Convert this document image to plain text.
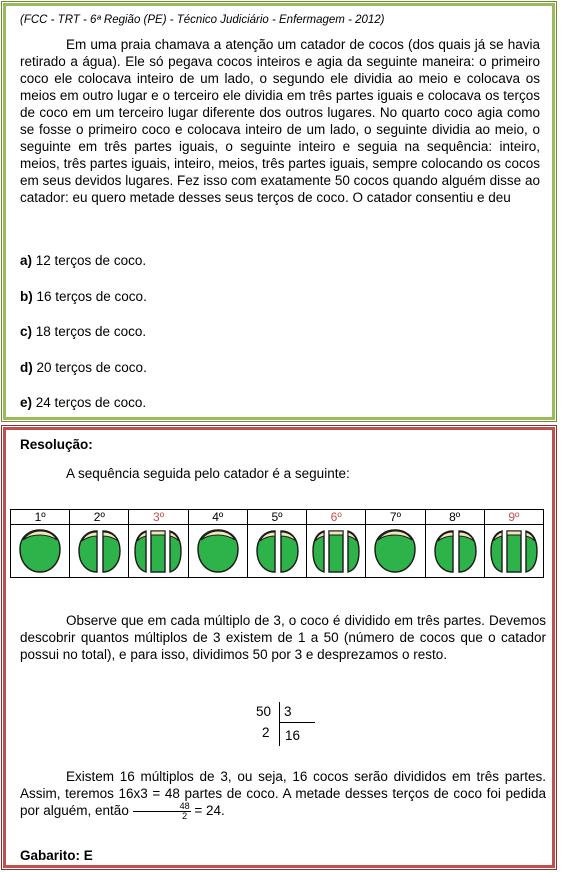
(FCC - TRT - 6ª Região (PE) - Técnico Judiciário - Enfermagem - 2012)

Em uma praia chamava a atenção um catador de cocos (dos quais já se havia retirado a água). Ele só pegava cocos inteiros e agia da seguinte maneira: o primeiro coco ele colocava inteiro de um lado, o segundo ele dividia ao meio e colocava os meios em outro lugar e o terceiro ele dividia em três partes iguais e colocava os terços de coco em um terceiro lugar diferente dos outros lugares. No quarto coco agia como se fosse o primeiro coco e colocava inteiro de um lado, o seguinte dividia ao meio, o seguinte em três partes iguais, o seguinte inteiro e seguia na sequência: inteiro, meios, três partes iguais, inteiro, meios, três partes iguais, sempre colocando os cocos em seus devidos lugares. Fez isso com exatamente 50 cocos quando alguém disse ao catador: eu quero metade desses seus terços de coco. O catador consentiu e deu

a) 12 terços de coco.

b) 16 terços de coco.

c) 18 terços de coco.

d) 20 terços de coco.

e) 24 terços de coco.

Resolução:

A sequência seguida pelo catador é a seguinte:

1º	2º	3º	4º	5º	6º	7º	8º	9º

Observe que em cada múltiplo de 3, o coco é dividido em três partes. Devemos descobrir quantos múltiplos de 3 existem de 1 a 50 (número de cocos que o catador possui no total), e para isso, dividimos 50 por 3 e desprezamos o resto.

50 3
2 16

Existem 16 múltiplos de 3, ou seja, 16 cocos serão divididos em três partes. Assim, teremos 16x3 = 48 partes de coco. A metade desses terços de coco foi pedida por alguém, então $\frac{48}{2} = 24$.

Gabarito: E
